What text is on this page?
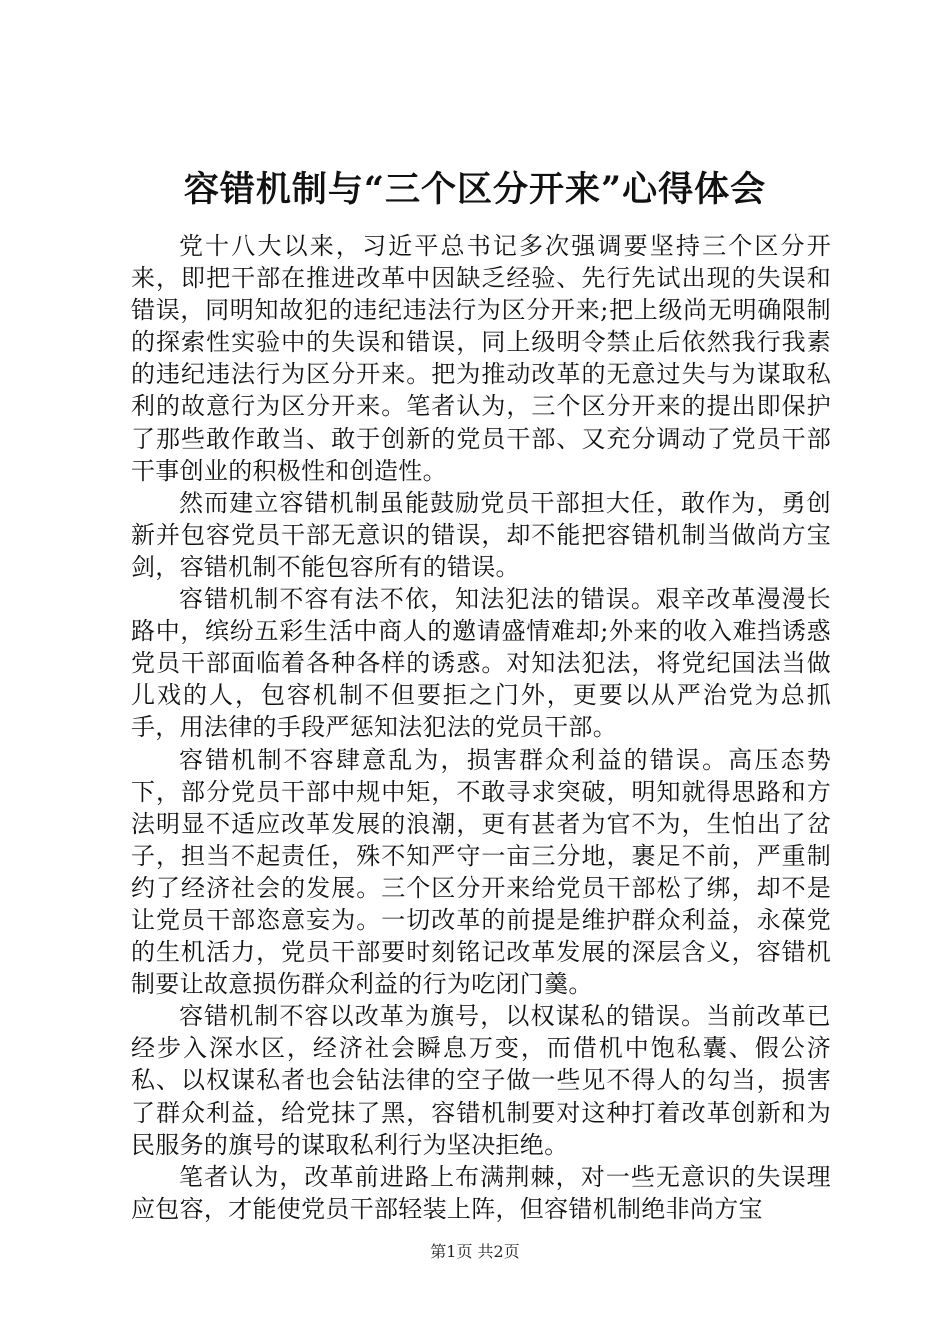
容错机制与“三个区分开来”心得体会

党十八大以来，习近平总书记多次强调要坚持三个区分开来，即把干部在推进改革中因缺乏经验、先行先试出现的失误和错误，同明知故犯的违纪违法行为区分开来;把上级尚无明确限制的探索性实验中的失误和错误，同上级明令禁止后依然我行我素的违纪违法行为区分开来。把为推动改革的无意过失与为谋取私利的故意行为区分开来。笔者认为，三个区分开来的提出即保护了那些敢作敢当、敢于创新的党员干部、又充分调动了党员干部干事创业的积极性和创造性。

然而建立容错机制虽能鼓励党员干部担大任，敢作为，勇创新并包容党员干部无意识的错误，却不能把容错机制当做尚方宝剑，容错机制不能包容所有的错误。

容错机制不容有法不依，知法犯法的错误。艰辛改革漫漫长路中，缤纷五彩生活中商人的邀请盛情难却;外来的收入难挡诱惑党员干部面临着各种各样的诱惑。对知法犯法，将党纪国法当做儿戏的人，包容机制不但要拒之门外，更要以从严治党为总抓手，用法律的手段严惩知法犯法的党员干部。

容错机制不容肆意乱为，损害群众利益的错误。高压态势下，部分党员干部中规中矩，不敢寻求突破，明知就得思路和方法明显不适应改革发展的浪潮，更有甚者为官不为，生怕出了岔子，担当不起责任，殊不知严守一亩三分地，裹足不前，严重制约了经济社会的发展。三个区分开来给党员干部松了绑，却不是让党员干部恣意妄为。一切改革的前提是维护群众利益，永葆党的生机活力，党员干部要时刻铭记改革发展的深层含义，容错机制要让故意损伤群众利益的行为吃闭门羹。

容错机制不容以改革为旗号，以权谋私的错误。当前改革已经步入深水区，经济社会瞬息万变，而借机中饱私囊、假公济私、以权谋私者也会钻法律的空子做一些见不得人的勾当，损害了群众利益，给党抹了黑，容错机制要对这种打着改革创新和为民服务的旗号的谋取私利行为坚决拒绝。

笔者认为，改革前进路上布满荆棘，对一些无意识的失误理应包容，才能使党员干部轻装上阵，但容错机制绝非尚方宝

第1页 共2页
